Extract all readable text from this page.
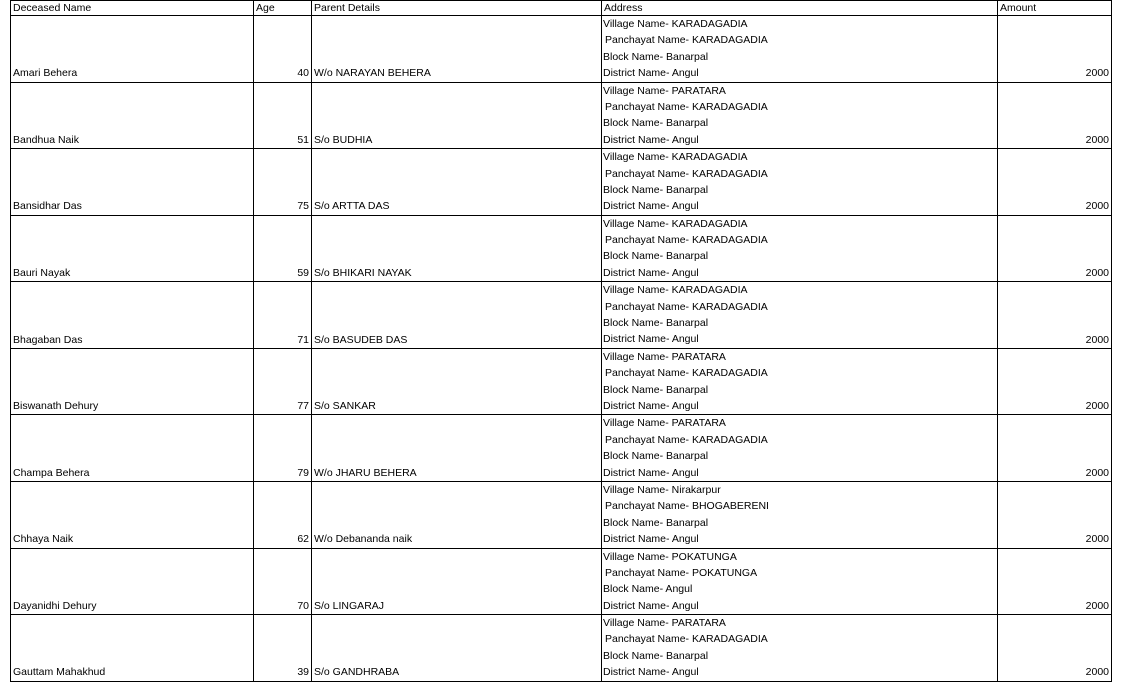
Deceased Name	Age	Parent Details	Address	Amount
Amari Behera	40	W/o NARAYAN BEHERA	Village Name- KARADAGADIA
Panchayat Name- KARADAGADIA
Block Name- Banarpal
District Name- Angul	2000
Bandhua Naik	51	S/o BUDHIA	Village Name- PARATARA
Panchayat Name- KARADAGADIA
Block Name- Banarpal
District Name- Angul	2000
Bansidhar Das	75	S/o ARTTA DAS	Village Name- KARADAGADIA
Panchayat Name- KARADAGADIA
Block Name- Banarpal
District Name- Angul	2000
Bauri Nayak	59	S/o BHIKARI NAYAK	Village Name- KARADAGADIA
Panchayat Name- KARADAGADIA
Block Name- Banarpal
District Name- Angul	2000
Bhagaban Das	71	S/o BASUDEB DAS	Village Name- KARADAGADIA
Panchayat Name- KARADAGADIA
Block Name- Banarpal
District Name- Angul	2000
Biswanath Dehury	77	S/o SANKAR	Village Name- PARATARA
Panchayat Name- KARADAGADIA
Block Name- Banarpal
District Name- Angul	2000
Champa Behera	79	W/o JHARU BEHERA	Village Name- PARATARA
Panchayat Name- KARADAGADIA
Block Name- Banarpal
District Name- Angul	2000
Chhaya Naik	62	W/o Debananda naik	Village Name- Nirakarpur
Panchayat Name- BHOGABERENI
Block Name- Banarpal
District Name- Angul	2000
Dayanidhi Dehury	70	S/o LINGARAJ	Village Name- POKATUNGA
Panchayat Name- POKATUNGA
Block Name- Angul
District Name- Angul	2000
Gauttam Mahakhud	39	S/o GANDHRABA	Village Name- PARATARA
Panchayat Name- KARADAGADIA
Block Name- Banarpal
District Name- Angul	2000
